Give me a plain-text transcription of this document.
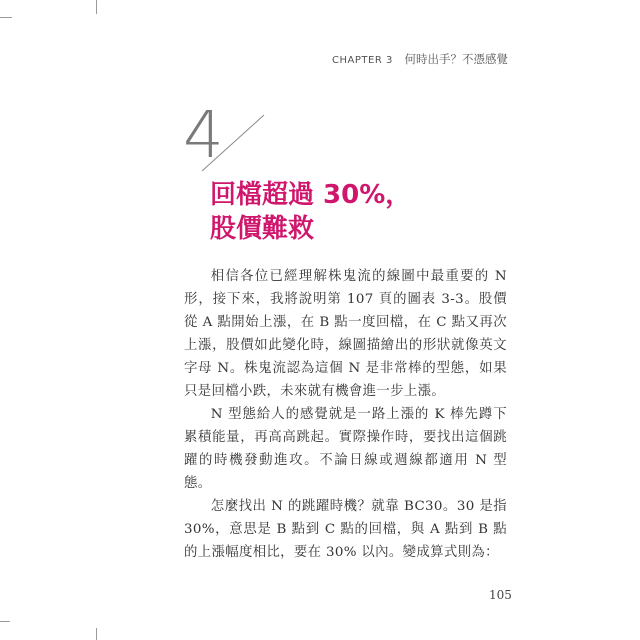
CHAPTER 3 何時出手？不憑感覺
4
回檔超過 30%，
股價難救

相信各位已經理解株鬼流的線圖中最重要的 N 形，接下來，我將說明第 107 頁的圖表 3-3。股價從 A 點開始上漲，在 B 點一度回檔，在 C 點又再次上漲，股價如此變化時，線圖描繪出的形狀就像英文字母 N。株鬼流認為這個 N 是非常棒的型態，如果只是回檔小跌，未來就有機會進一步上漲。

N 型態給人的感覺就是一路上漲的 K 棒先蹲下累積能量，再高高跳起。實際操作時，要找出這個跳躍的時機發動進攻。不論日線或週線都適用 N 型態。

怎麼找出 N 的跳躍時機？就靠 BC30。30 是指 30%，意思是 B 點到 C 點的回檔，與 A 點到 B 點的上漲幅度相比，要在 30% 以內。變成算式則為：

105
